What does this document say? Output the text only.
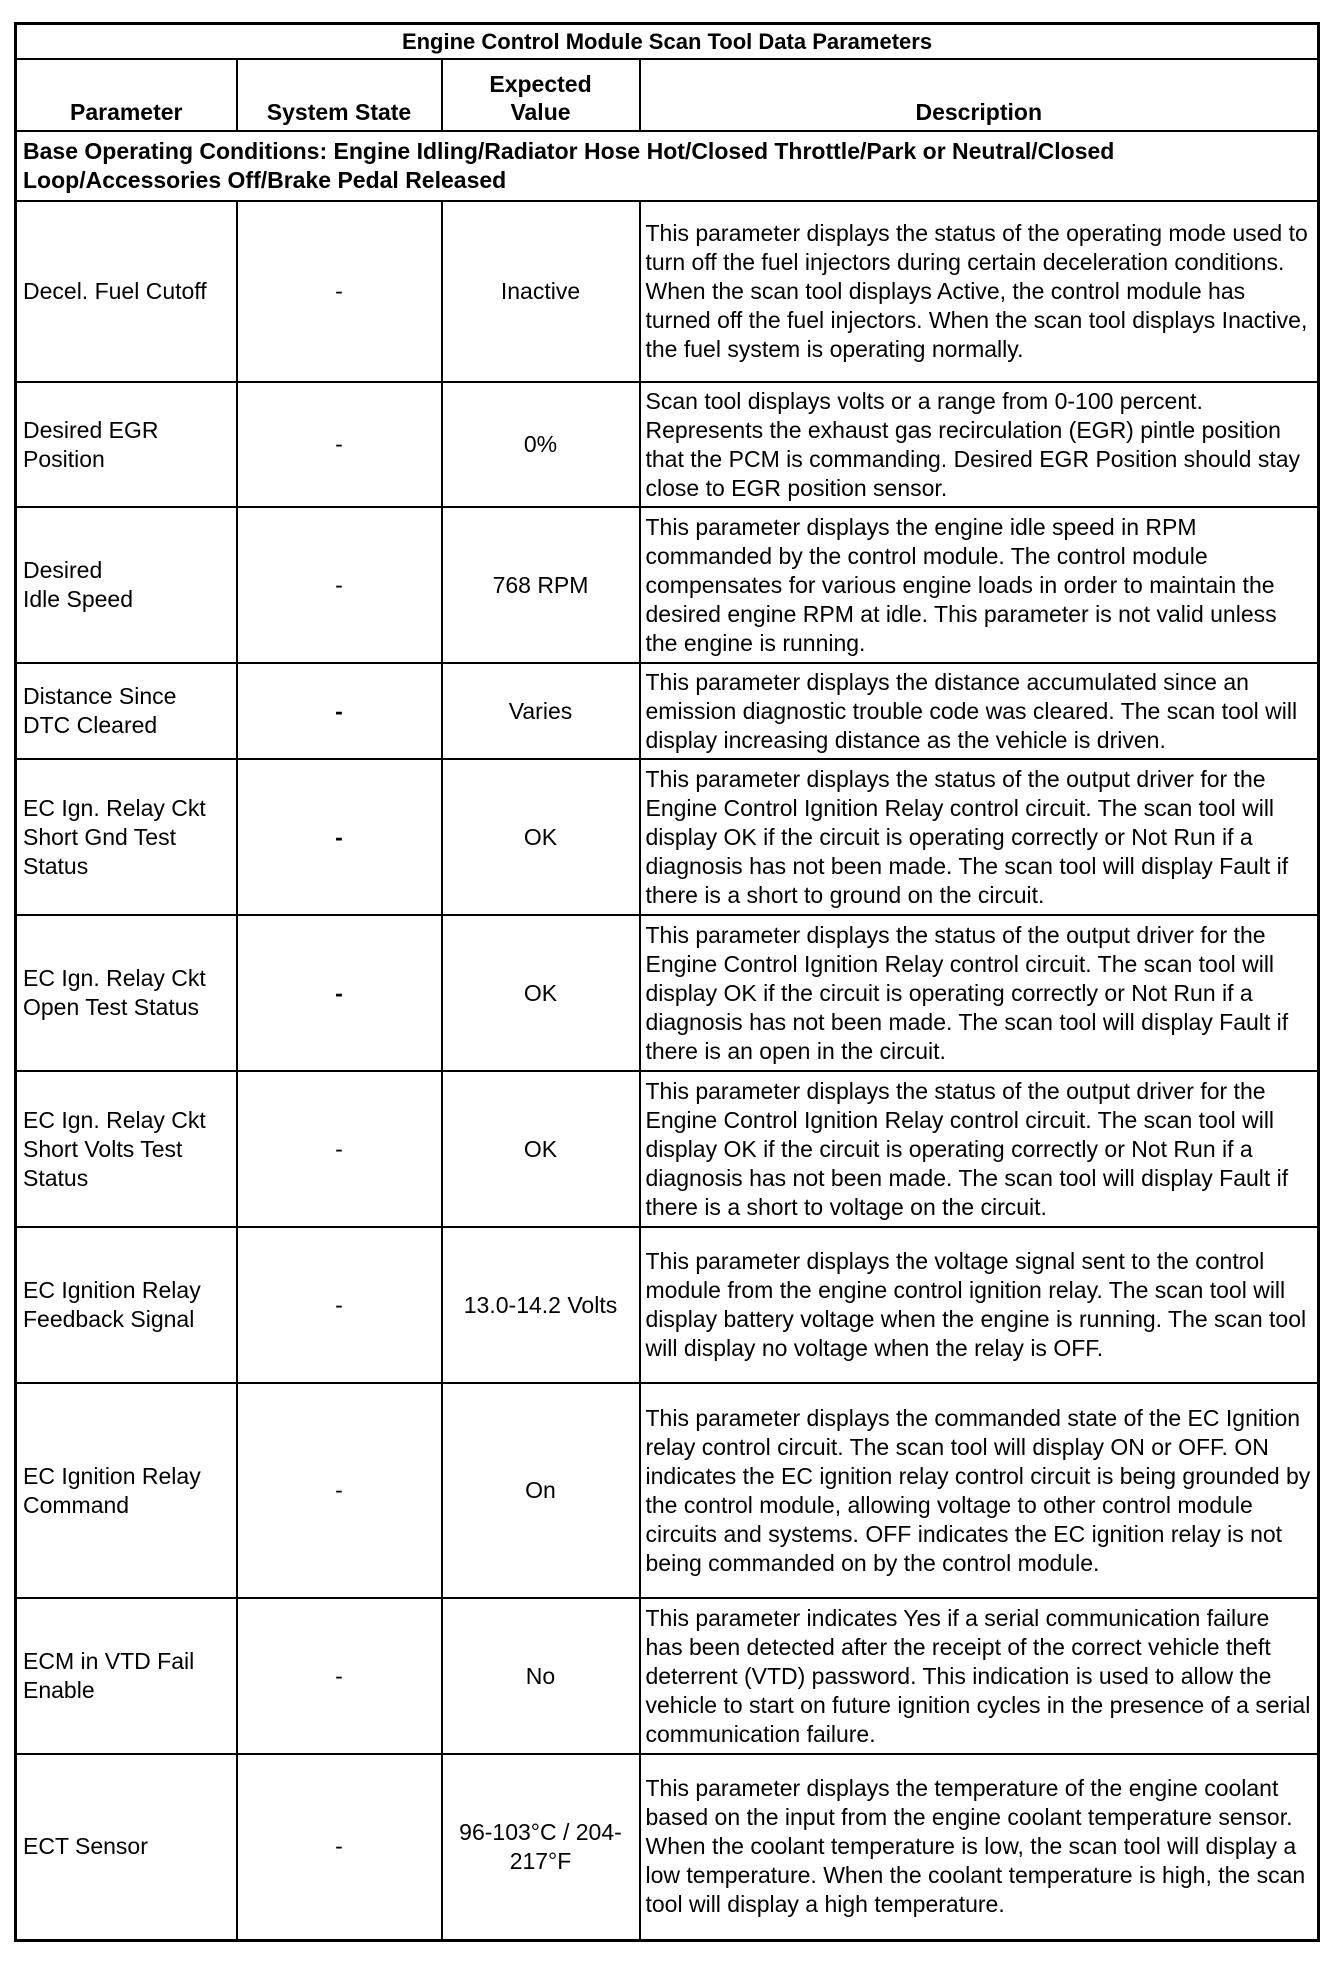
Engine Control Module Scan Tool Data Parameters			
Parameter	System State	Expected Value	Description
Base Operating Conditions: Engine Idling/Radiator Hose Hot/Closed Throttle/Park or Neutral/Closed Loop/Accessories Off/Brake Pedal Released			
Decel. Fuel Cutoff	-	Inactive	This parameter displays the status of the operating mode used to turn off the fuel injectors during certain deceleration conditions. When the scan tool displays Active, the control module has turned off the fuel injectors. When the scan tool displays Inactive, the fuel system is operating normally.
Desired EGR Position	-	0%	Scan tool displays volts or a range from 0-100 percent. Represents the exhaust gas recirculation (EGR) pintle position that the PCM is commanding. Desired EGR Position should stay close to EGR position sensor.
Desired Idle Speed	-	768 RPM	This parameter displays the engine idle speed in RPM commanded by the control module. The control module compensates for various engine loads in order to maintain the desired engine RPM at idle. This parameter is not valid unless the engine is running.
Distance Since DTC Cleared	-	Varies	This parameter displays the distance accumulated since an emission diagnostic trouble code was cleared. The scan tool will display increasing distance as the vehicle is driven.
EC Ign. Relay Ckt Short Gnd Test Status	-	OK	This parameter displays the status of the output driver for the Engine Control Ignition Relay control circuit. The scan tool will display OK if the circuit is operating correctly or Not Run if a diagnosis has not been made. The scan tool will display Fault if there is a short to ground on the circuit.
EC Ign. Relay Ckt Open Test Status	-	OK	This parameter displays the status of the output driver for the Engine Control Ignition Relay control circuit. The scan tool will display OK if the circuit is operating correctly or Not Run if a diagnosis has not been made. The scan tool will display Fault if there is an open in the circuit.
EC Ign. Relay Ckt Short Volts Test Status	-	OK	This parameter displays the status of the output driver for the Engine Control Ignition Relay control circuit. The scan tool will display OK if the circuit is operating correctly or Not Run if a diagnosis has not been made. The scan tool will display Fault if there is a short to voltage on the circuit.
EC Ignition Relay Feedback Signal	-	13.0-14.2 Volts	This parameter displays the voltage signal sent to the control module from the engine control ignition relay. The scan tool will display battery voltage when the engine is running. The scan tool will display no voltage when the relay is OFF.
EC Ignition Relay Command	-	On	This parameter displays the commanded state of the EC Ignition relay control circuit. The scan tool will display ON or OFF. ON indicates the EC ignition relay control circuit is being grounded by the control module, allowing voltage to other control module circuits and systems. OFF indicates the EC ignition relay is not being commanded on by the control module.
ECM in VTD Fail Enable	-	No	This parameter indicates Yes if a serial communication failure has been detected after the receipt of the correct vehicle theft deterrent (VTD) password. This indication is used to allow the vehicle to start on future ignition cycles in the presence of a serial communication failure.
ECT Sensor	-	96-103°C / 204-217°F	This parameter displays the temperature of the engine coolant based on the input from the engine coolant temperature sensor. When the coolant temperature is low, the scan tool will display a low temperature. When the coolant temperature is high, the scan tool will display a high temperature.
